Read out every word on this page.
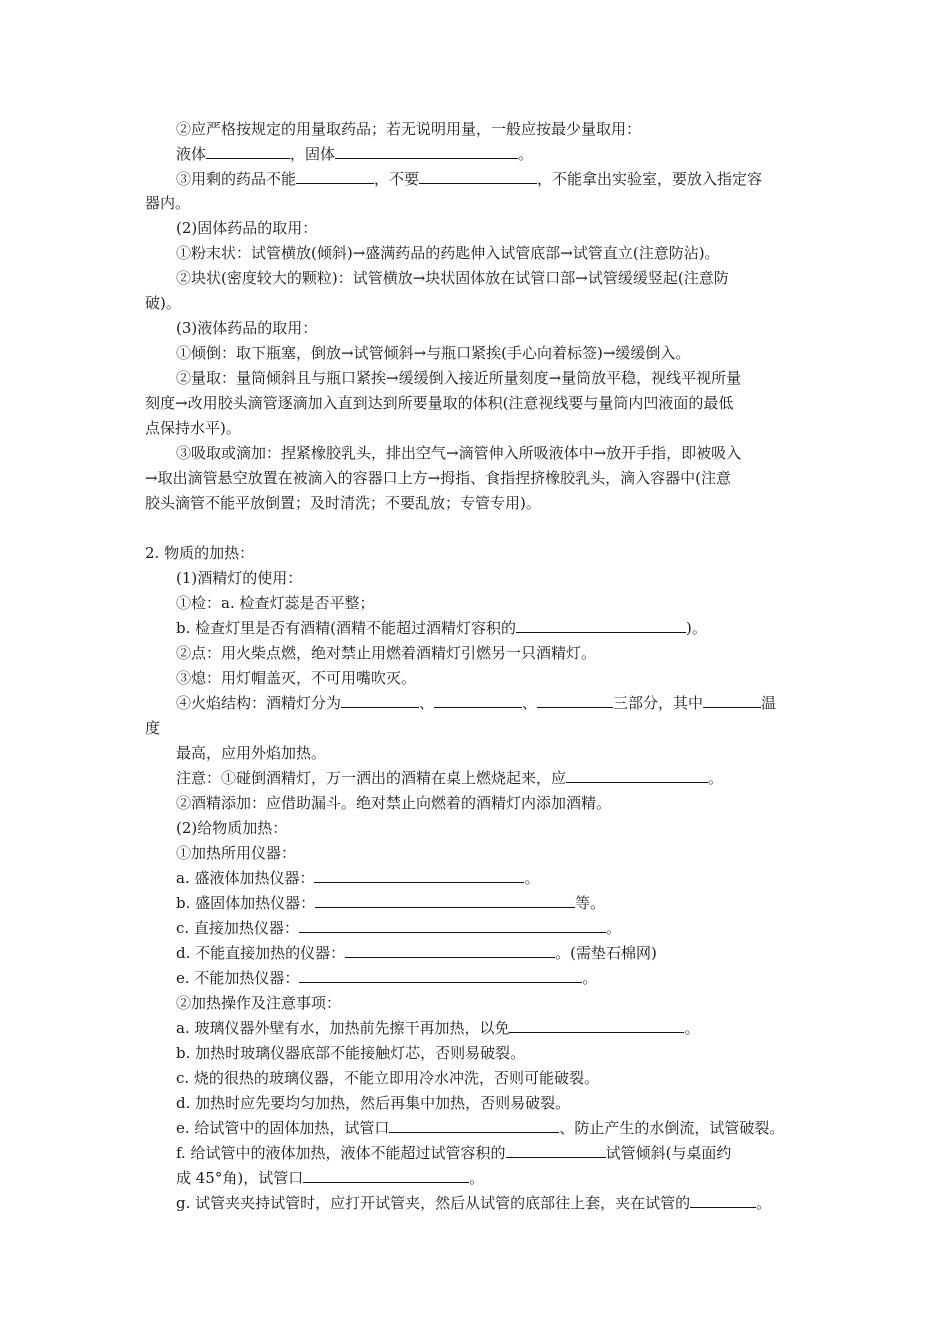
②应严格按规定的用量取药品；若无说明用量，一般应按最少量取用：
液体	，固体	。
③用剩的药品不能	，不要	，不能拿出实验室，要放入指定容
器内。
(2)固体药品的取用：
①粉末状：试管横放(倾斜)→盛满药品的药匙伸入试管底部→试管直立(注意防沾)。
②块状(密度较大的颗粒)：试管横放→块状固体放在试管口部→试管缓缓竖起(注意防
破)。
(3)液体药品的取用：
①倾倒：取下瓶塞，倒放→试管倾斜→与瓶口紧挨(手心向着标签)→缓缓倒入。
②量取：量筒倾斜且与瓶口紧挨→缓缓倒入接近所量刻度→量筒放平稳，视线平视所量
刻度→改用胶头滴管逐滴加入直到达到所要量取的体积(注意视线要与量筒内凹液面的最低
点保持水平)。
③吸取或滴加：捏紧橡胶乳头，排出空气→滴管伸入所吸液体中→放开手指，即被吸入
→取出滴管悬空放置在被滴入的容器口上方→拇指、食指捏挤橡胶乳头，滴入容器中(注意
胶头滴管不能平放倒置；及时清洗；不要乱放；专管专用)。
2. 物质的加热：
(1)酒精灯的使用：
①检：a. 检查灯蕊是否平整；
b. 检查灯里是否有酒精(酒精不能超过酒精灯容积的	)。
②点：用火柴点燃，绝对禁止用燃着酒精灯引燃另一只酒精灯。
③熄：用灯帽盖灭，不可用嘴吹灭。
④火焰结构：酒精灯分为	、	、	三部分，其中	温
度
最高，应用外焰加热。
注意：①碰倒酒精灯，万一洒出的酒精在桌上燃烧起来，应	。
②酒精添加：应借助漏斗。绝对禁止向燃着的酒精灯内添加酒精。
(2)给物质加热：
①加热所用仪器：
a. 盛液体加热仪器：	。
b. 盛固体加热仪器：	等。
c. 直接加热仪器：	。
d. 不能直接加热的仪器：	。(需垫石棉网)
e. 不能加热仪器：	。
②加热操作及注意事项：
a. 玻璃仪器外壁有水，加热前先擦干再加热，以免	。
b. 加热时玻璃仪器底部不能接触灯芯，否则易破裂。
c. 烧的很热的玻璃仪器，不能立即用冷水冲洗，否则可能破裂。
d. 加热时应先要均匀加热，然后再集中加热，否则易破裂。
e. 给试管中的固体加热，试管口	、防止产生的水倒流，试管破裂。
f. 给试管中的液体加热，液体不能超过试管容积的	试管倾斜(与桌面约
成 45°角)，试管口	。
g. 试管夹夹持试管时，应打开试管夹，然后从试管的底部往上套，夹在试管的	。
